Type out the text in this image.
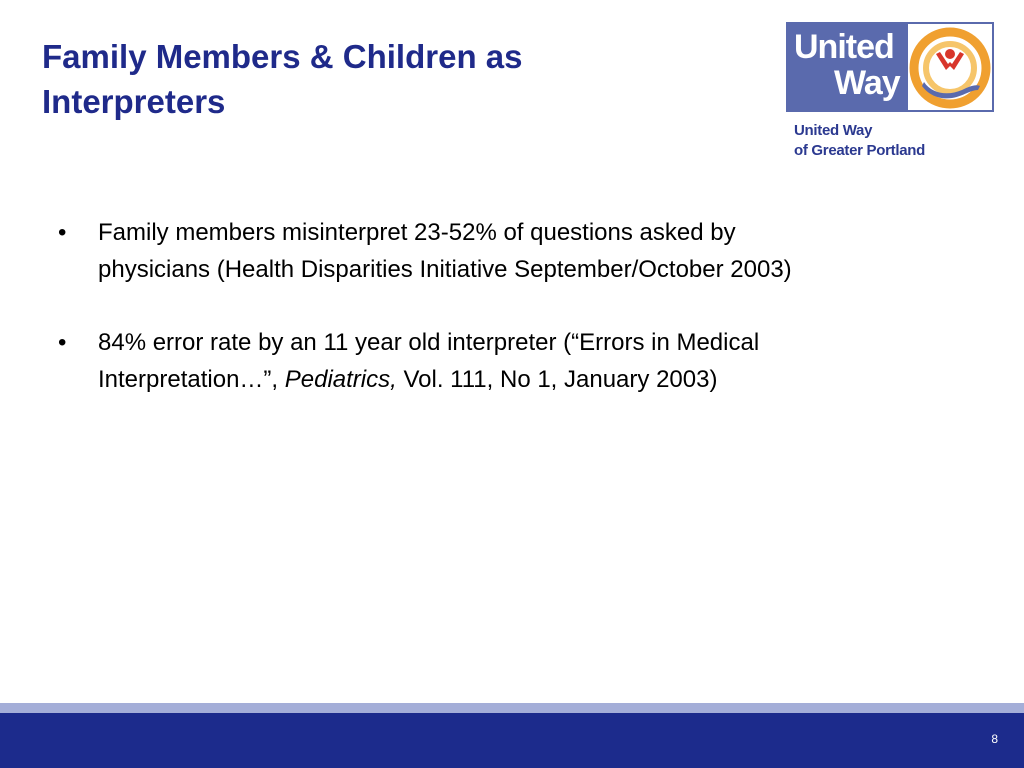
Family Members & Children as
Interpreters
United
Way
TM
United Way
of Greater Portland
• Family members misinterpret 23-52% of questions asked by physicians (Health Disparities Initiative September/October 2003)
• 84% error rate by an 11 year old interpreter (“Errors in Medical Interpretation…”, Pediatrics, Vol. 111, No 1, January 2003)
8
